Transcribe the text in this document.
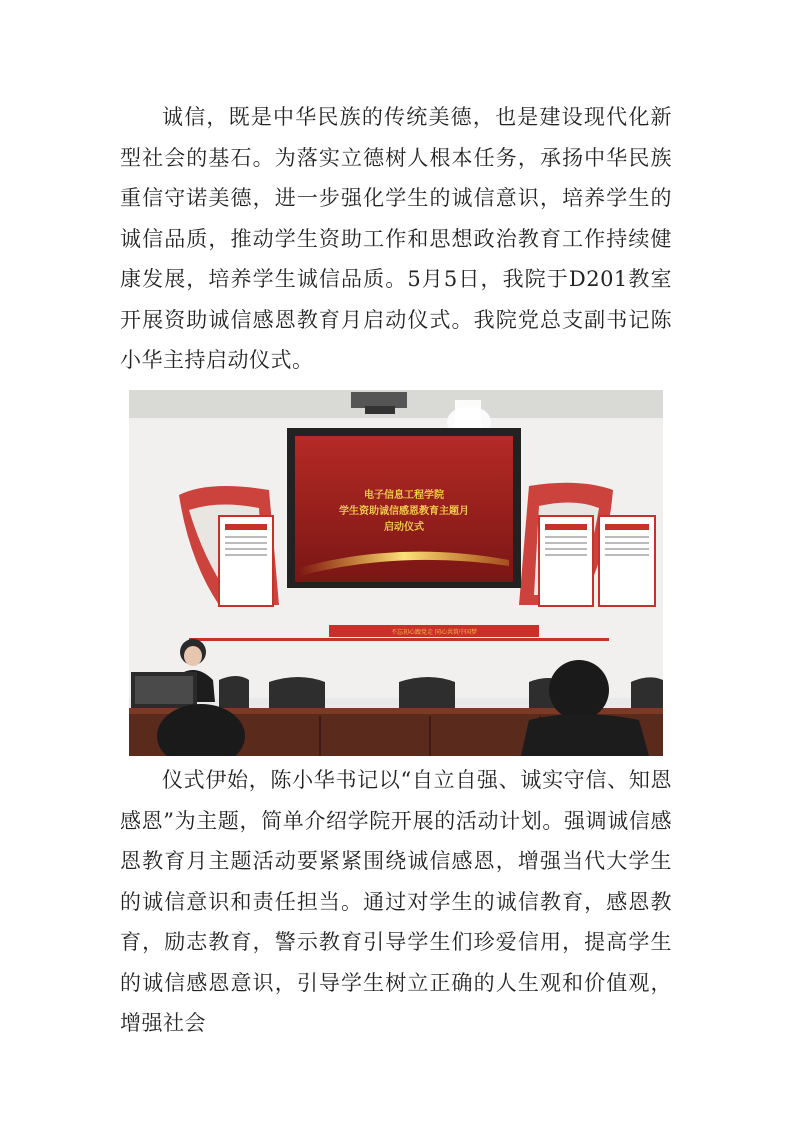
诚信，既是中华民族的传统美德，也是建设现代化新型社会的基石。为落实立德树人根本任务，承扬中华民族重信守诺美德，进一步强化学生的诚信意识，培养学生的诚信品质，推动学生资助工作和思想政治教育工作持续健康发展，培养学生诚信品质。5月5日，我院于D201教室开展资助诚信感恩教育月启动仪式。我院党总支副书记陈小华主持启动仪式。

不忘初心跟党走 同心共筑中国梦
电子信息工程学院
学生资助诚信感恩教育主题月
启动仪式

仪式伊始，陈小华书记以“自立自强、诚实守信、知恩感恩”为主题，简单介绍学院开展的活动计划。强调诚信感恩教育月主题活动要紧紧围绕诚信感恩，增强当代大学生的诚信意识和责任担当。通过对学生的诚信教育，感恩教育，励志教育，警示教育引导学生们珍爱信用，提高学生的诚信感恩意识，引导学生树立正确的人生观和价值观，增强社会
